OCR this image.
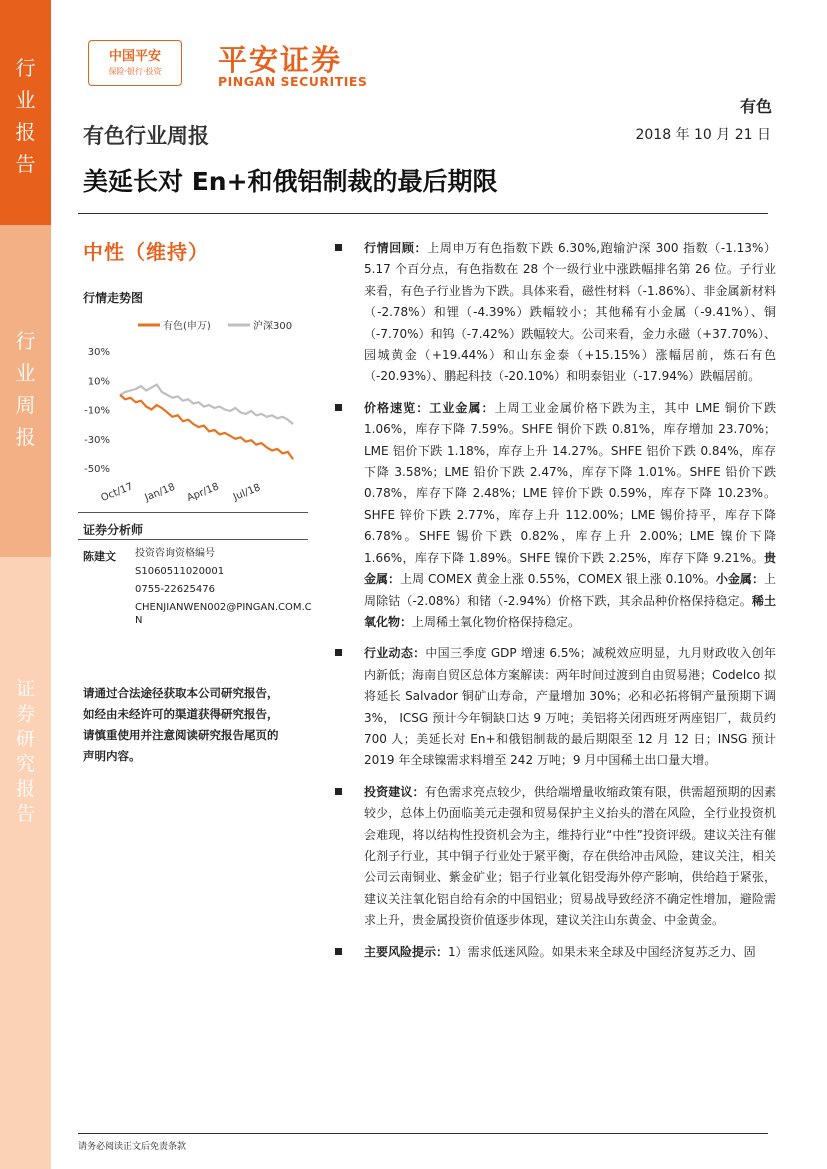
行
业
报
告
行
业
周
报
证
券
研
究
报
告
中国平安
保险·银行·投资	平安证券
PINGAN SECURITIES
有色
有色行业周报	2018 年 10 月 21 日
美延长对 En+和俄铝制裁的最后期限
中性（维持）
行情走势图
有色(申万)	沪深300
30%
10%
-10%
-30%
-50%
Oct/17 Jan/18 Apr/18 Jul/18
证券分析师
陈建文 投资咨询资格编号
S1060511020001
0755-22625476
CHENJIANWEN002@PINGAN.COM.C
N
请通过合法途径获取本公司研究报告，如经由未经许可的渠道获得研究报告，请慎重使用并注意阅读研究报告尾页的声明内容。
行情回顾：上周申万有色指数下跌 6.30%,跑输沪深 300 指数（-1.13%）5.17 个百分点，有色指数在 28 个一级行业中涨跌幅排名第 26 位。子行业来看，有色子行业皆为下跌。具体来看，磁性材料（-1.86%）、非金属新材料（-2.78%）和锂（-4.39%）跌幅较小；其他稀有小金属（-9.41%）、铜（-7.70%）和钨（-7.42%）跌幅较大。公司来看，金力永磁（+37.70%）、园城黄金（+19.44%）和山东金泰（+15.15%）涨幅居前，炼石有色（-20.93%）、鹏起科技（-20.10%）和明泰铝业（-17.94%）跌幅居前。
价格速览：工业金属：上周工业金属价格下跌为主，其中 LME 铜价下跌 1.06%，库存下降 7.59%。SHFE 铜价下跌 0.81%，库存增加 23.70%；LME 铝价下跌 1.18%，库存上升 14.27%。SHFE 铝价下跌 0.84%，库存下降 3.58%；LME 铅价下跌 2.47%，库存下降 1.01%。SHFE 铅价下跌 0.78%，库存下降 2.48%；LME 锌价下跌 0.59%，库存下降 10.23%。SHFE 锌价下跌 2.77%，库存上升 112.00%；LME 锡价持平，库存下降 6.78%。SHFE 锡价下跌 0.82%，库存上升 2.00%；LME 镍价下降 1.66%，库存下降 1.89%。SHFE 镍价下跌 2.25%，库存下降 9.21%。贵金属：上周 COMEX 黄金上涨 0.55%，COMEX 银上涨 0.10%。小金属：上周除钴（-2.08%）和锗（-2.94%）价格下跌，其余品种价格保持稳定。稀土氧化物：上周稀土氧化物价格保持稳定。
行业动态：中国三季度 GDP 增速 6.5%；减税效应明显，九月财政收入创年内新低；海南自贸区总体方案解读：两年时间过渡到自由贸易港；Codelco 拟将延长 Salvador 铜矿山寿命，产量增加 30%；必和必拓将铜产量预期下调 3%， ICSG 预计今年铜缺口达 9 万吨；美铝将关闭西班牙两座铝厂，裁员约 700 人；美延长对 En+和俄铝制裁的最后期限至 12 月 12 日；INSG 预计 2019 年全球镍需求料增至 242 万吨；9 月中国稀土出口量大增。
投资建议：有色需求亮点较少，供给端增量收缩政策有限，供需超预期的因素较少，总体上仍面临美元走强和贸易保护主义抬头的潜在风险，全行业投资机会难现，将以结构性投资机会为主，维持行业“中性”投资评级。建议关注有催化剂子行业，其中铜子行业处于紧平衡，存在供给冲击风险，建议关注，相关公司云南铜业、紫金矿业；铝子行业氧化铝受海外停产影响，供给趋于紧张，建议关注氧化铝自给有余的中国铝业；贸易战导致经济不确定性增加，避险需求上升，贵金属投资价值逐步体现，建议关注山东黄金、中金黄金。
主要风险提示：1）需求低迷风险。如果未来全球及中国经济复苏乏力、固
请务必阅读正文后免责条款
